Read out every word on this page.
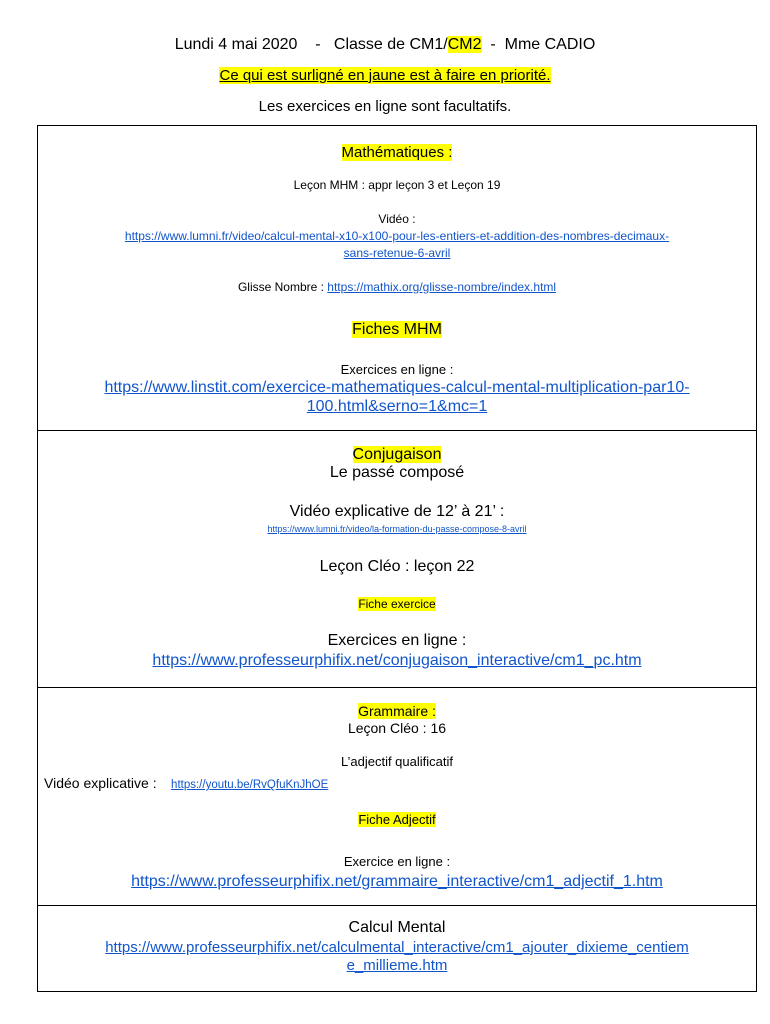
Lundi 4 mai 2020 - Classe de CM1/CM2 - Mme CADIO
Ce qui est surligné en jaune est à faire en priorité.
Les exercices en ligne sont facultatifs.
Mathématiques :
Leçon MHM : appr leçon 3 et Leçon 19
Vidéo :
https://www.lumni.fr/video/calcul-mental-x10-x100-pour-les-entiers-et-addition-des-nombres-decimaux-
sans-retenue-6-avril
Glisse Nombre : https://mathix.org/glisse-nombre/index.html
Fiches MHM
Exercices en ligne :
https://www.linstit.com/exercice-mathematiques-calcul-mental-multiplication-par10-
100.html&serno=1&mc=1
Conjugaison
Le passé composé
Vidéo explicative de 12’ à 21’ :
https://www.lumni.fr/video/la-formation-du-passe-compose-8-avril
Leçon Cléo : leçon 22
Fiche exercice
Exercices en ligne :
https://www.professeurphifix.net/conjugaison_interactive/cm1_pc.htm
Grammaire :
Leçon Cléo : 16
L’adjectif qualificatif
Vidéo explicative : https://youtu.be/RvQfuKnJhOE
Fiche Adjectif
Exercice en ligne :
https://www.professeurphifix.net/grammaire_interactive/cm1_adjectif_1.htm
Calcul Mental
https://www.professeurphifix.net/calculmental_interactive/cm1_ajouter_dixieme_centiem
e_millieme.htm
